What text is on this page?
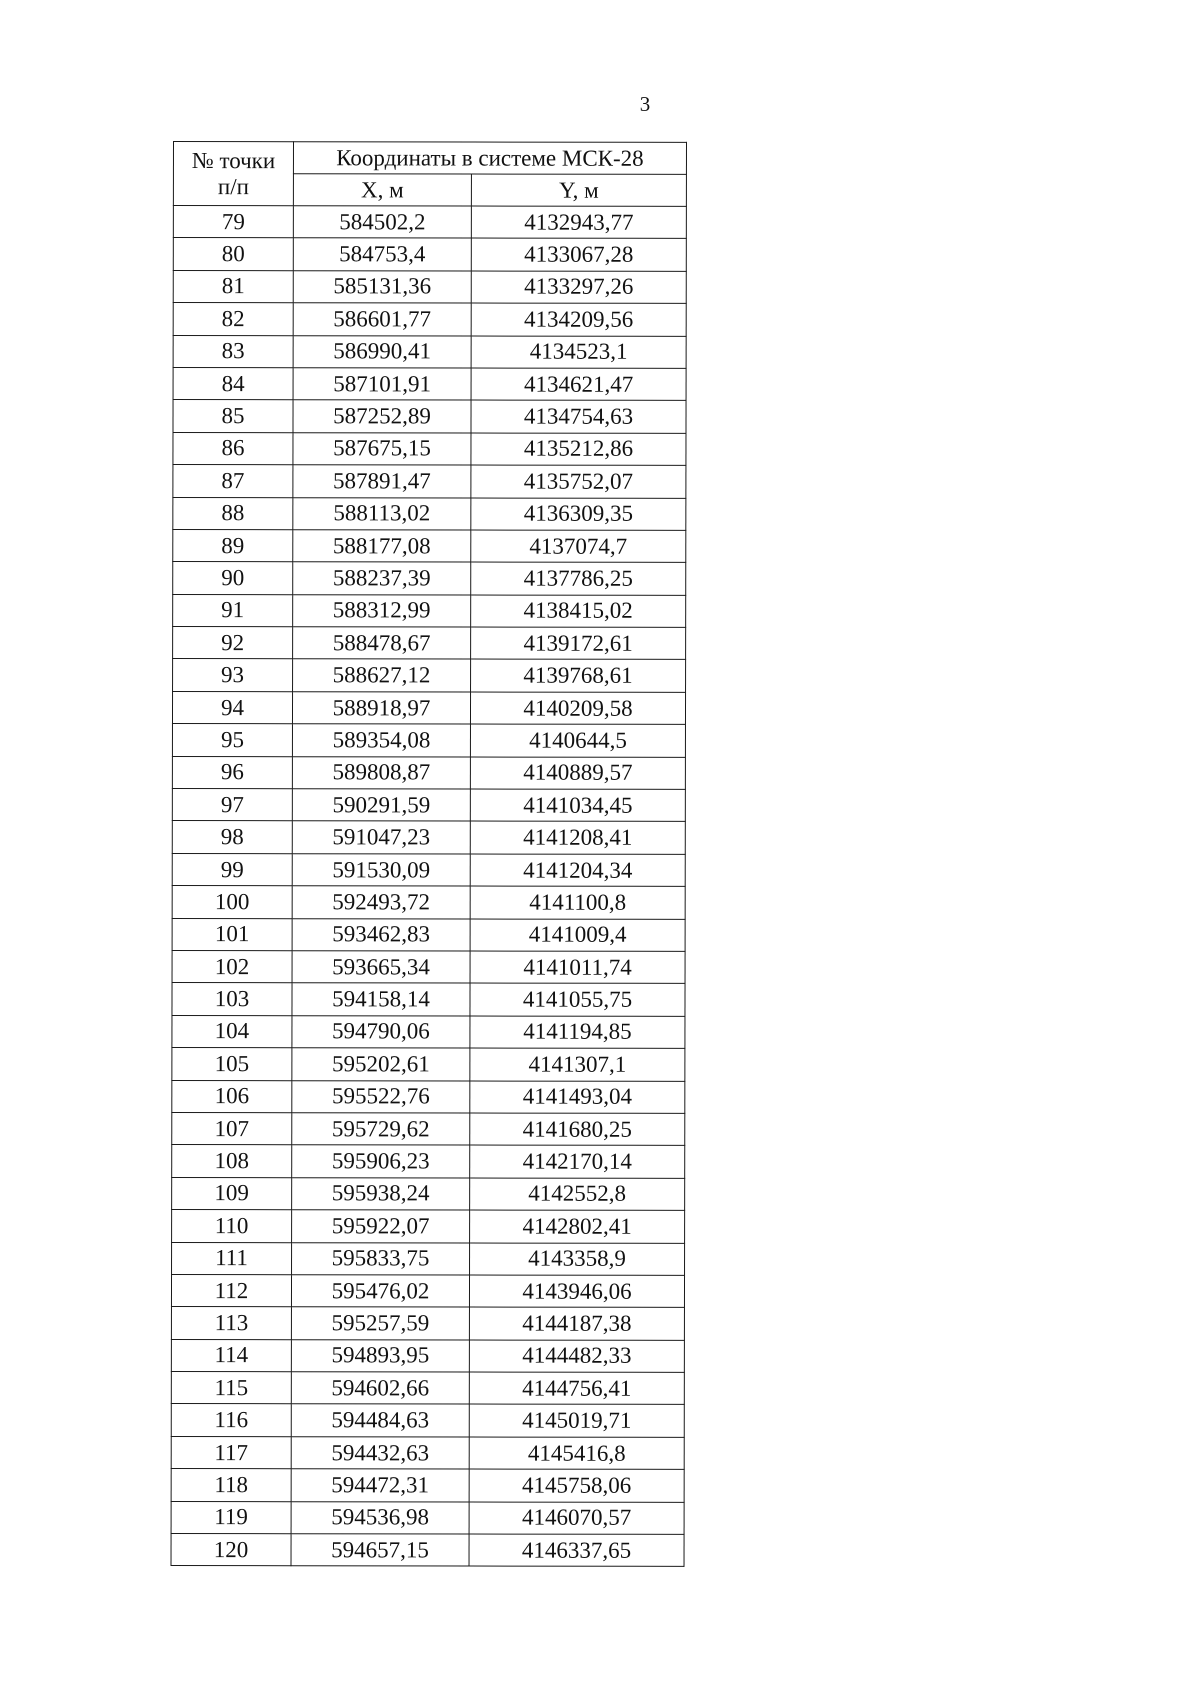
3
№ точки
п/п	Координаты в системе МСК-28	
	X, м	Y, м
79	584502,2	4132943,77
80	584753,4	4133067,28
81	585131,36	4133297,26
82	586601,77	4134209,56
83	586990,41	4134523,1
84	587101,91	4134621,47
85	587252,89	4134754,63
86	587675,15	4135212,86
87	587891,47	4135752,07
88	588113,02	4136309,35
89	588177,08	4137074,7
90	588237,39	4137786,25
91	588312,99	4138415,02
92	588478,67	4139172,61
93	588627,12	4139768,61
94	588918,97	4140209,58
95	589354,08	4140644,5
96	589808,87	4140889,57
97	590291,59	4141034,45
98	591047,23	4141208,41
99	591530,09	4141204,34
100	592493,72	4141100,8
101	593462,83	4141009,4
102	593665,34	4141011,74
103	594158,14	4141055,75
104	594790,06	4141194,85
105	595202,61	4141307,1
106	595522,76	4141493,04
107	595729,62	4141680,25
108	595906,23	4142170,14
109	595938,24	4142552,8
110	595922,07	4142802,41
111	595833,75	4143358,9
112	595476,02	4143946,06
113	595257,59	4144187,38
114	594893,95	4144482,33
115	594602,66	4144756,41
116	594484,63	4145019,71
117	594432,63	4145416,8
118	594472,31	4145758,06
119	594536,98	4146070,57
120	594657,15	4146337,65
